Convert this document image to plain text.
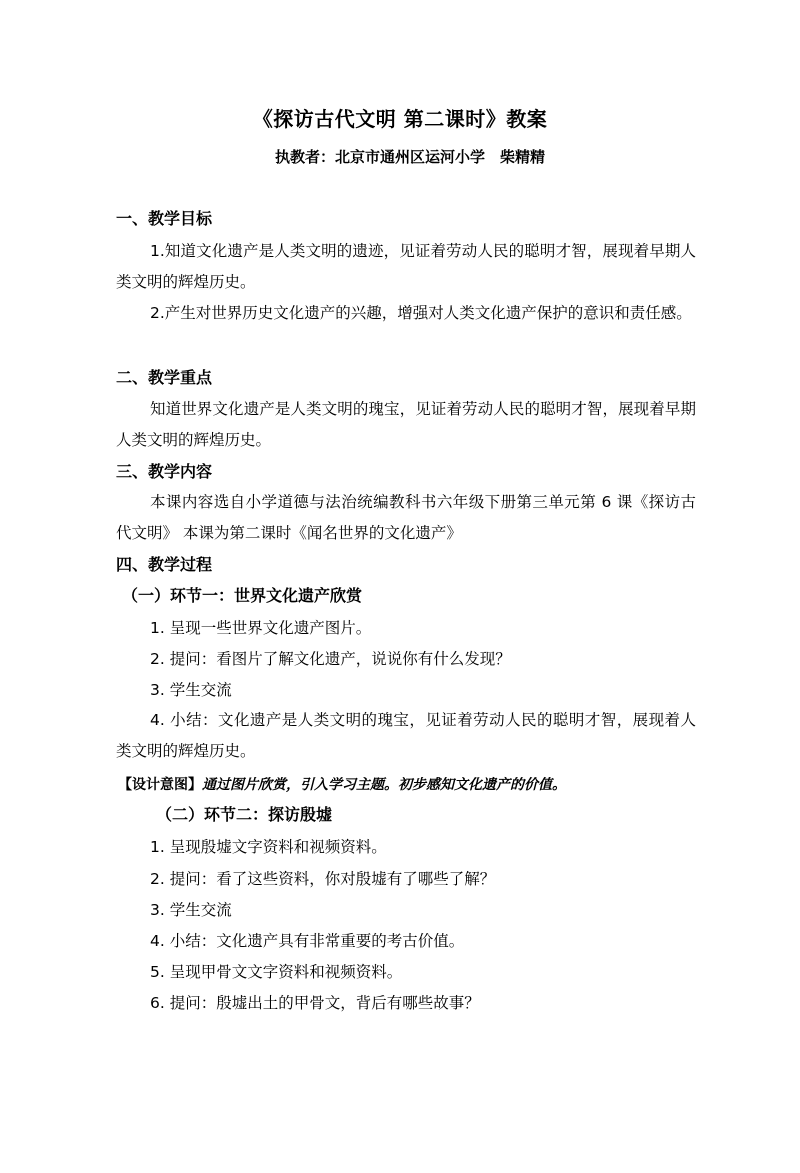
《探访古代文明 第二课时》教案
执教者：北京市通州区运河小学　柴精精
一、教学目标
1.知道文化遗产是人类文明的遗迹，见证着劳动人民的聪明才智，展现着早期人类文明的辉煌历史。
2.产生对世界历史文化遗产的兴趣，增强对人类文化遗产保护的意识和责任感。
二、教学重点
知道世界文化遗产是人类文明的瑰宝，见证着劳动人民的聪明才智，展现着早期人类文明的辉煌历史。
三、教学内容
本课内容选自小学道德与法治统编教科书六年级下册第三单元第 6 课《探访古代文明》 本课为第二课时《闻名世界的文化遗产》
四、教学过程
（一）环节一：世界文化遗产欣赏
1. 呈现一些世界文化遗产图片。
2. 提问：看图片了解文化遗产，说说你有什么发现？
3. 学生交流
4. 小结：文化遗产是人类文明的瑰宝，见证着劳动人民的聪明才智，展现着人类文明的辉煌历史。
【设计意图】通过图片欣赏，引入学习主题。初步感知文化遗产的价值。
（二）环节二：探访殷墟
1. 呈现殷墟文字资料和视频资料。
2. 提问：看了这些资料，你对殷墟有了哪些了解？
3. 学生交流
4. 小结：文化遗产具有非常重要的考古价值。
5. 呈现甲骨文文字资料和视频资料。
6. 提问：殷墟出土的甲骨文，背后有哪些故事？
